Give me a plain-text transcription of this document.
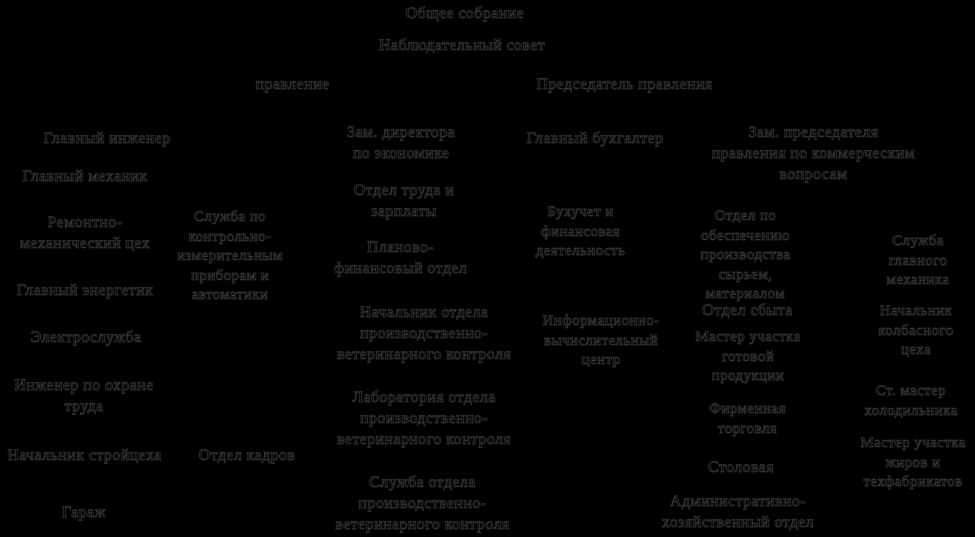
Общее собрание
Наблюдательный совет
правление	Председатель правления
Главный инженер
Главный механик
Ремонтно-механический цех
Служба по контрольно-измерительным приборам и автоматики
Главный энергетик
Электрослужба
Инженер по охране труда
Начальник стройцеха	Отдел кадров
Гараж
Зам. директора по экономике
Отдел труда и зарплаты
Планово-финансовый отдел
Начальник отдела производственно-ветеринарного контроля
Лаборатория отдела производственно-ветеринарного контроля
Служба отдела производственно-ветеринарного контроля
Главный бухгалтер
Бухучет и финансовая деятельность
Информационно-вычислительный центр
Зам. председателя правления по коммерческим вопросам
Отдел по обеспечению производства сырьем, материалом
Служба главного механика
Отдел сбыта
Мастер участка готовой продукции
Фирменная торговля
Начальник колбасного цеха
Ст. мастер холодильника
Мастер участка жиров и техфабрикатов
Столовая
Административно-хозяйственный отдел
